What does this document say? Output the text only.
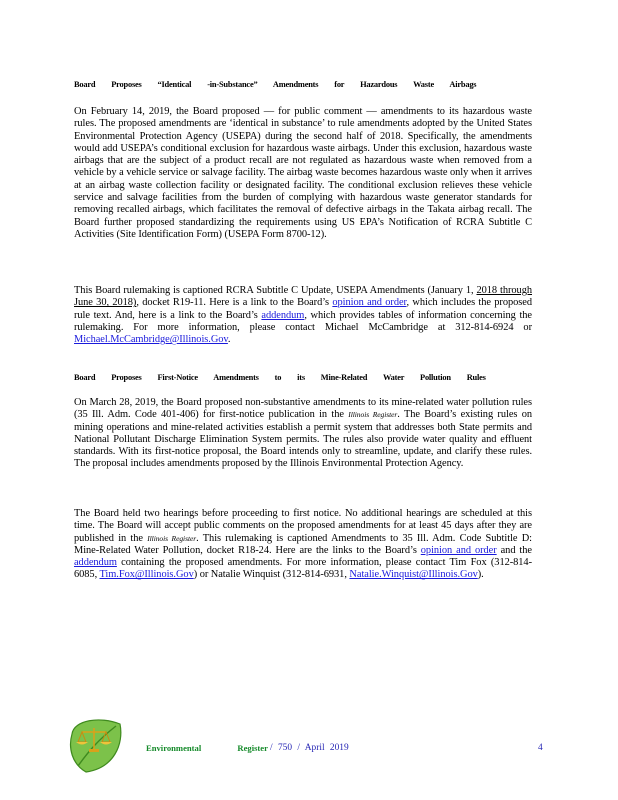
Board Proposes “Identical -in-Substance” Amendments for Hazardous Waste Airbags

On February 14, 2019, the Board proposed — for public comment — amendments to its hazardous waste rules. The proposed amendments are ‘identical in substance’ to rule amendments adopted by the United States Environmental Protection Agency (USEPA) during the second half of 2018. Specifically, the amendments would add USEPA’s conditional exclusion for hazardous waste airbags. Under this exclusion, hazardous waste airbags that are the subject of a product recall are not regulated as hazardous waste when removed from a vehicle by a vehicle service or salvage facility. The airbag waste becomes hazardous waste only when it arrives at an airbag waste collection facility or designated facility. The conditional exclusion relieves these vehicle service and salvage facilities from the burden of complying with hazardous waste generator standards for removing recalled airbags, which facilitates the removal of defective airbags in the Takata airbag recall. The Board further proposed standardizing the requirements using US EPA’s Notification of RCRA Subtitle C Activities (Site Identification Form) (USEPA Form 8700-12).

This Board rulemaking is captioned RCRA Subtitle C Update, USEPA Amendments (January 1, 2018 through June 30, 2018), docket R19-11. Here is a link to the Board’s opinion and order, which includes the proposed rule text. And, here is a link to the Board’s addendum, which provides tables of information concerning the rulemaking. For more information, please contact Michael McCambridge at 312-814-6924 or Michael.McCambridge@Illinois.Gov.

Board Proposes First-Notice Amendments to its Mine-Related Water Pollution Rules

On March 28, 2019, the Board proposed non-substantive amendments to its mine-related water pollution rules (35 Ill. Adm. Code 401-406) for first-notice publication in the Illinois Register. The Board’s existing rules on mining operations and mine-related activities establish a permit system that addresses both State permits and National Pollutant Discharge Elimination System permits. The rules also provide water quality and effluent standards. With its first-notice proposal, the Board intends only to streamline, update, and clarify these rules. The proposal includes amendments proposed by the Illinois Environmental Protection Agency.

The Board held two hearings before proceeding to first notice. No additional hearings are scheduled at this time. The Board will accept public comments on the proposed amendments for at least 45 days after they are published in the Illinois Register. This rulemaking is captioned Amendments to 35 Ill. Adm. Code Subtitle D: Mine-Related Water Pollution, docket R18-24. Here are the links to the Board’s opinion and order and the addendum containing the proposed amendments. For more information, please contact Tim Fox (312-814-6085, Tim.Fox@Illinois.Gov) or Natalie Winquist (312-814-6931, Natalie.Winquist@Illinois.Gov).

Environmental Register / 750 / April 2019	4
